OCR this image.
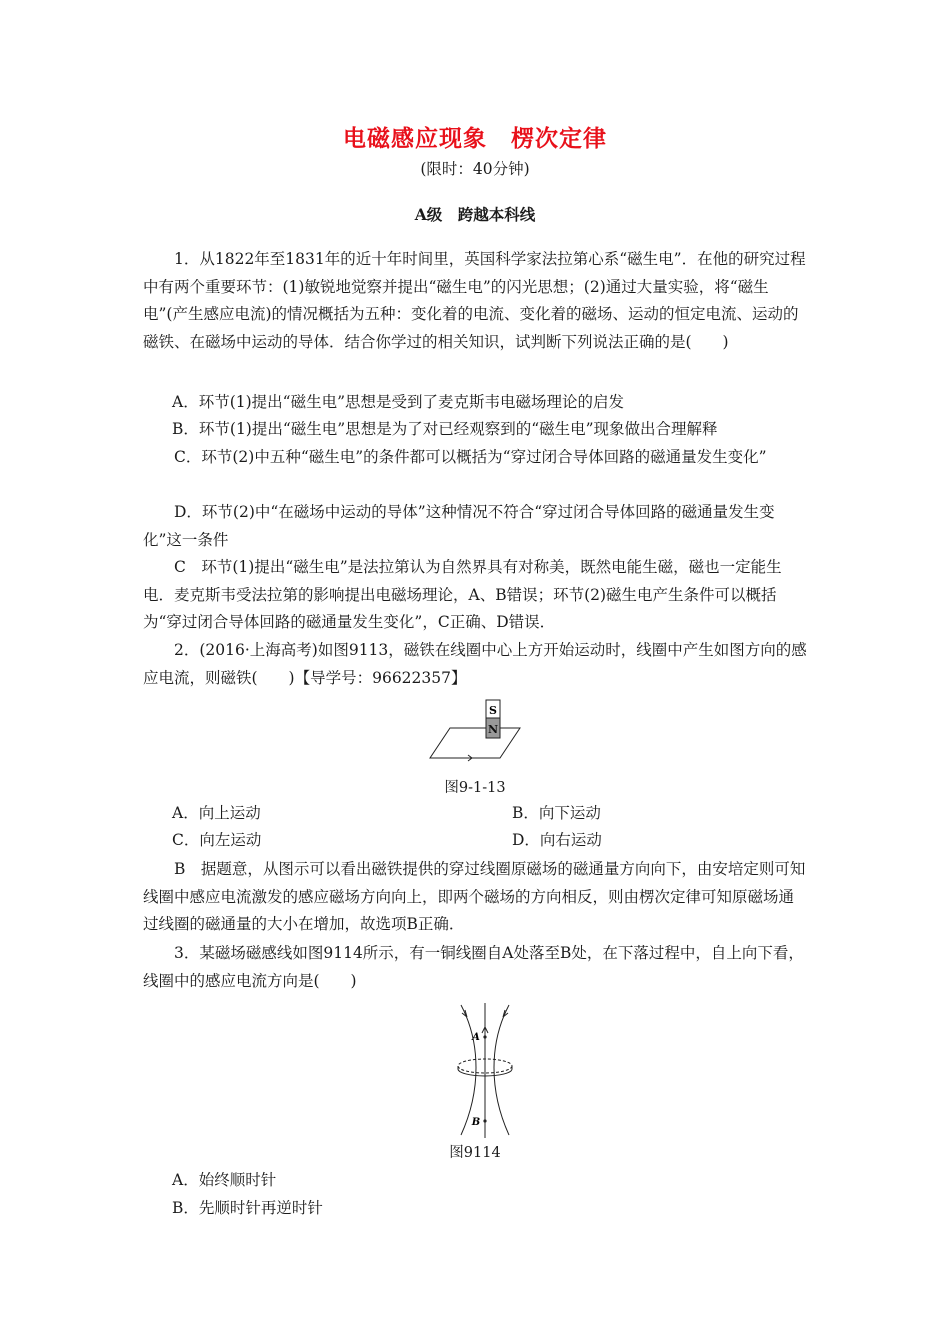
电磁感应现象　楞次定律
(限时：40分钟)
A级　跨越本科线
1．从1822年至1831年的近十年时间里，英国科学家法拉第心系“磁生电”．在他的研究过程中有两个重要环节：(1)敏锐地觉察并提出“磁生电”的闪光思想；(2)通过大量实验，将“磁生电”(产生感应电流)的情况概括为五种：变化着的电流、变化着的磁场、运动的恒定电流、运动的磁铁、在磁场中运动的导体．结合你学过的相关知识，试判断下列说法正确的是(　　)
A．环节(1)提出“磁生电”思想是受到了麦克斯韦电磁场理论的启发
B．环节(1)提出“磁生电”思想是为了对已经观察到的“磁生电”现象做出合理解释
C．环节(2)中五种“磁生电”的条件都可以概括为“穿过闭合导体回路的磁通量发生变化”
D．环节(2)中“在磁场中运动的导体”这种情况不符合“穿过闭合导体回路的磁通量发生变化”这一条件
C　环节(1)提出“磁生电”是法拉第认为自然界具有对称美，既然电能生磁，磁也一定能生电．麦克斯韦受法拉第的影响提出电磁场理论，A、B错误；环节(2)磁生电产生条件可以概括为“穿过闭合导体回路的磁通量发生变化”，C正确、D错误．
2．(2016·上海高考)如图9113，磁铁在线圈中心上方开始运动时，线圈中产生如图方向的感应电流，则磁铁(　　)【导学号：96622357】
S
N
图9-1-13
A．向上运动	B．向下运动
C．向左运动	D．向右运动
B　据题意，从图示可以看出磁铁提供的穿过线圈原磁场的磁通量方向向下，由安培定则可知线圈中感应电流激发的感应磁场方向向上，即两个磁场的方向相反，则由楞次定律可知原磁场通过线圈的磁通量的大小在增加，故选项B正确．
3．某磁场磁感线如图9114所示，有一铜线圈自A处落至B处，在下落过程中，自上向下看，线圈中的感应电流方向是(　　)
A
B
图9114
A．始终顺时针
B．先顺时针再逆时针
